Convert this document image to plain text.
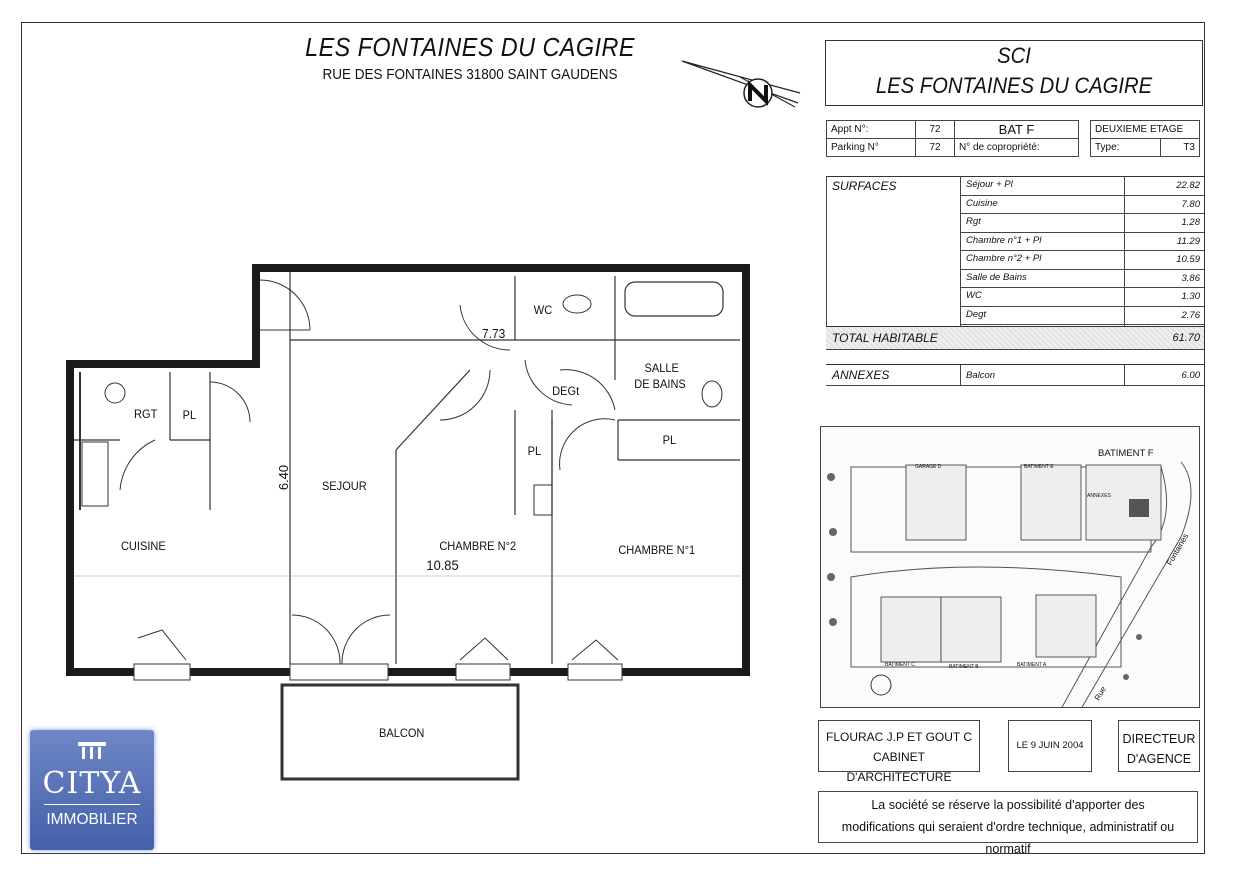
LES FONTAINES DU CAGIRE
RUE DES FONTAINES 31800 SAINT GAUDENS
SCI
LES FONTAINES DU CAGIRE
Appt N°:	72	BAT F		DEUXIEME ETAGE	
Parking N°	72	N° de copropriété:		Type:	T3
SURFACES	Séjour + Pl	22.82
Cuisine	7.80
Rgt	1.28
Chambre n°1 + Pl	11.29
Chambre n°2 + Pl	10.59
Salle de Bains	3.86
WC	1.30
Degt	2.76
TOTAL HABITABLE	61.70
ANNEXES	Balcon	6.00
RGT PL
PL
PL
WC
SALLE
DE BAINS
DEGt
7.73
6.40	SEJOUR
CUISINE	CHAMBRE N°2	CHAMBRE N°1
10.85
BALCON
BATIMENT F
GARAGE D	BATIMENT E
ANNEXES
BATIMENT C	BATIMENT B	BATIMENT A
Rue
Fontaines
FLOURAC J.P ET GOUT C
CABINET D'ARCHITECTURE
LE 9 JUIN 2004	DIRECTEUR
D'AGENCE
La société se réserve la possibilité d'apporter des
modifications qui seraient d'ordre technique, administratif ou normatif
CITYA
IMMOBILIER
